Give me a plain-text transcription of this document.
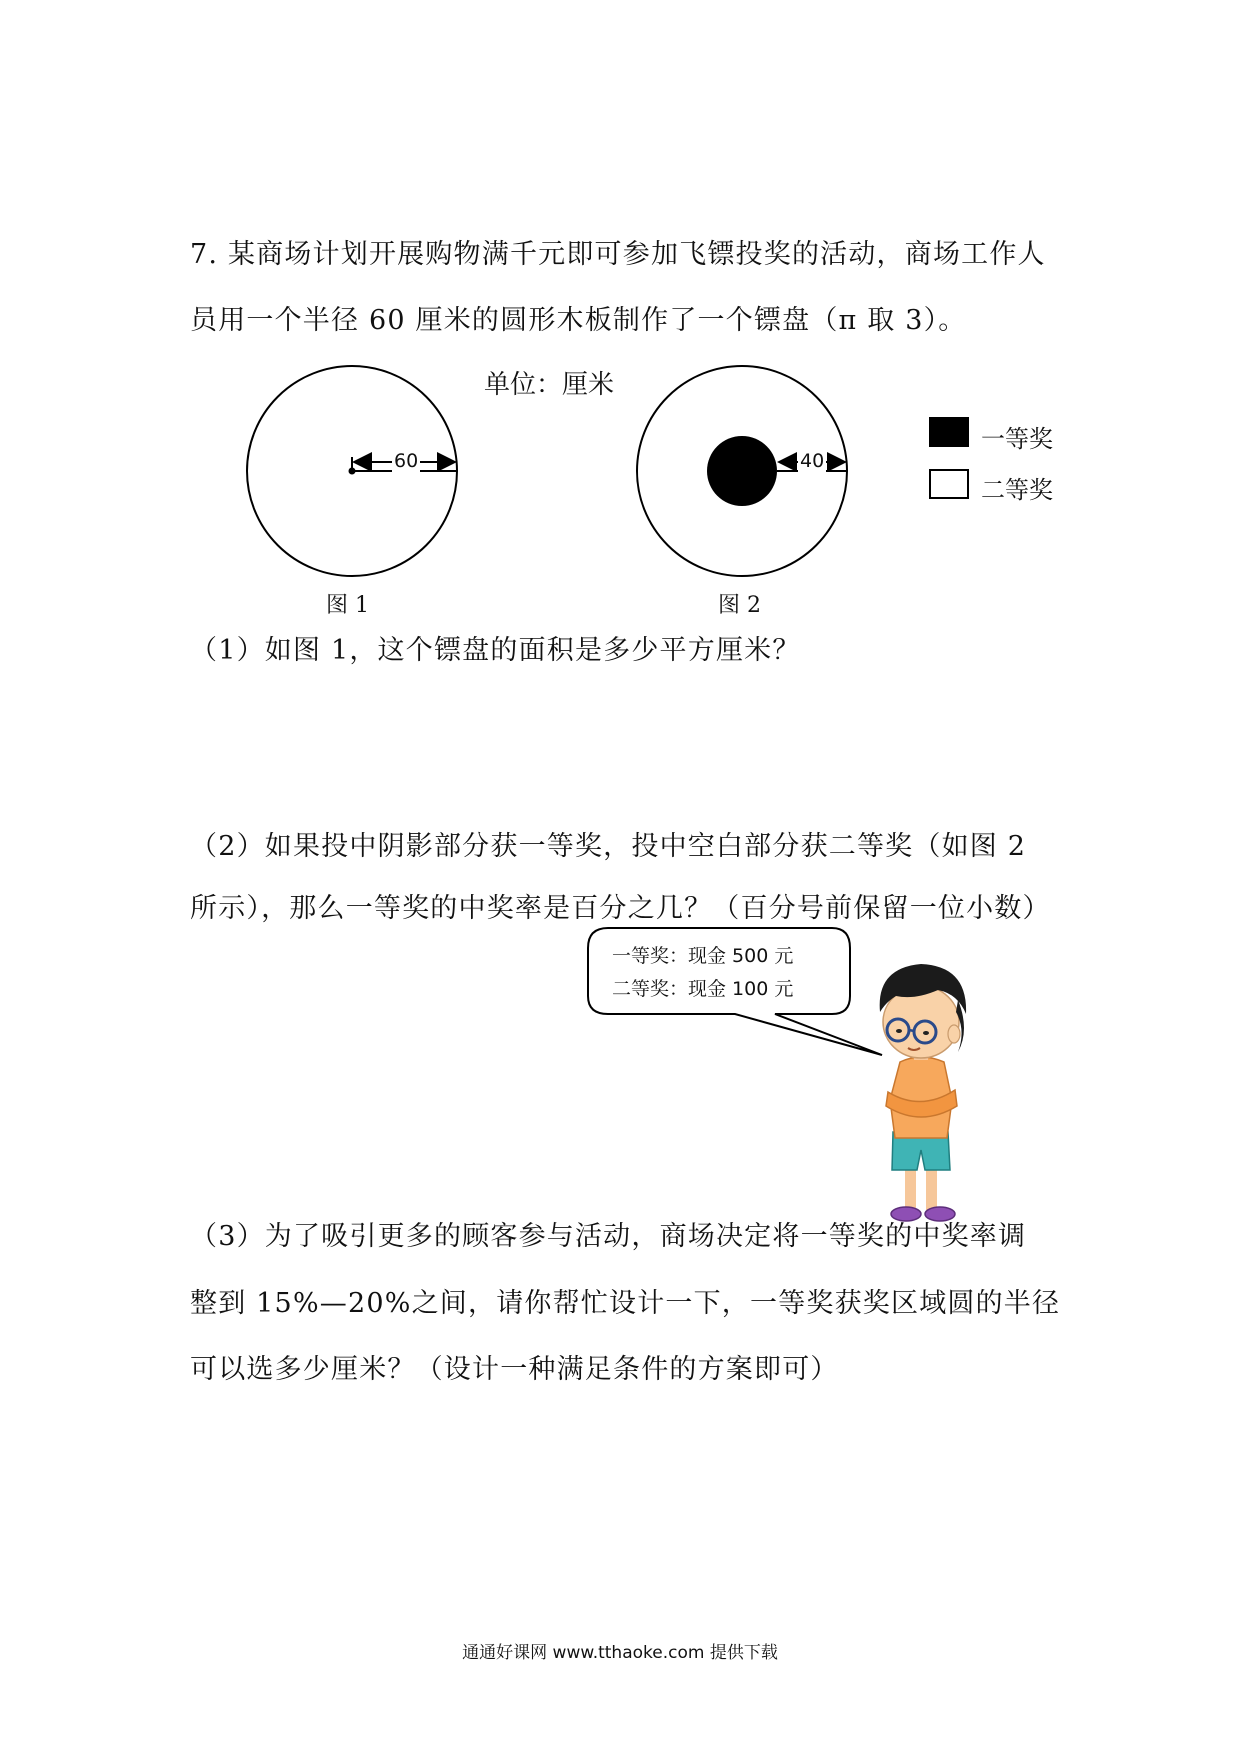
7. 某商场计划开展购物满千元即可参加飞镖投奖的活动，商场工作人
员用一个半径 60 厘米的圆形木板制作了一个镖盘（π 取 3）。
单位：厘米
60	40
图 1	图 2
一等奖
二等奖
（1）如图 1，这个镖盘的面积是多少平方厘米？
（2）如果投中阴影部分获一等奖，投中空白部分获二等奖（如图 2
所示），那么一等奖的中奖率是百分之几？（百分号前保留一位小数）
一等奖：现金 500 元
二等奖：现金 100 元
（3）为了吸引更多的顾客参与活动，商场决定将一等奖的中奖率调
整到 15%—20%之间，请你帮忙设计一下，一等奖获奖区域圆的半径
可以选多少厘米？（设计一种满足条件的方案即可）
通通好课网 www.tthaoke.com 提供下载
